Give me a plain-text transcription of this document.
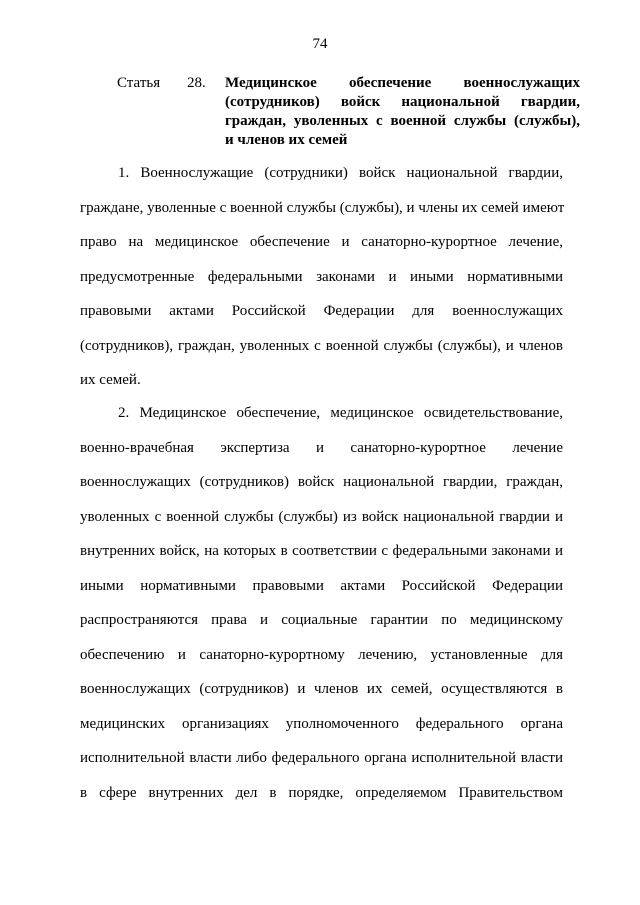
74
Статья 28. Медицинское обеспечение военнослужащих
(сотрудников) войск национальной гвардии,
граждан, уволенных с военной службы (службы),
и членов их семей
1. Военнослужащие (сотрудники) войск национальной гвардии,
граждане, уволенные с военной службы (службы), и члены их семей имеют
право на медицинское обеспечение и санаторно-курортное лечение,
предусмотренные федеральными законами и иными нормативными
правовыми актами Российской Федерации для военнослужащих
(сотрудников), граждан, уволенных с военной службы (службы), и членов
их семей.
2. Медицинское обеспечение, медицинское освидетельствование,
военно-врачебная экспертиза и санаторно-курортное лечение
военнослужащих (сотрудников) войск национальной гвардии, граждан,
уволенных с военной службы (службы) из войск национальной гвардии и
внутренних войск, на которых в соответствии с федеральными законами и
иными нормативными правовыми актами Российской Федерации
распространяются права и социальные гарантии по медицинскому
обеспечению и санаторно-курортному лечению, установленные для
военнослужащих (сотрудников) и членов их семей, осуществляются в
медицинских организациях уполномоченного федерального органа
исполнительной власти либо федерального органа исполнительной власти
в сфере внутренних дел в порядке, определяемом Правительством
